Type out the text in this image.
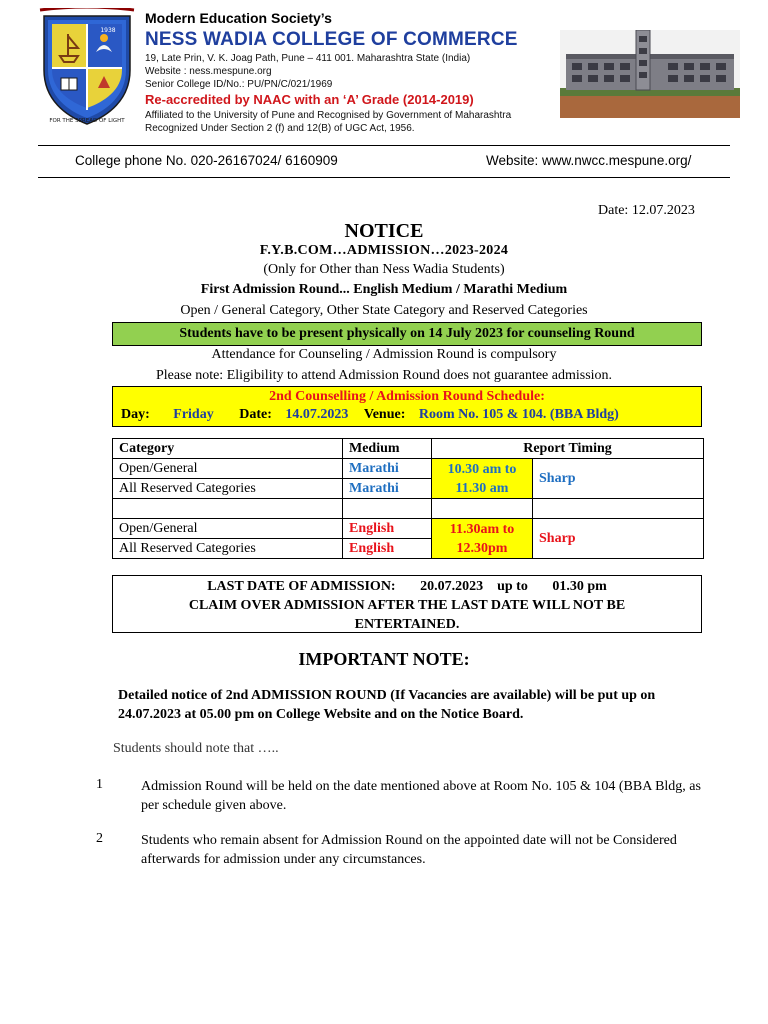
FOR THE SPREAD OF LIGHT
1938
Modern Education Society’s
NESS WADIA COLLEGE OF COMMERCE
19, Late Prin, V. K. Joag Path, Pune – 411 001. Maharashtra State (India)
Website : ness.mespune.org
Senior College ID/No.: PU/PN/C/021/1969
Re-accredited by NAAC with an ‘A’ Grade (2014-2019)
Affiliated to the University of Pune and Recognised by Government of Maharashtra
Recognized Under Section 2 (f) and 12(B) of UGC Act, 1956.
College phone No. 020-26167024/ 6160909	Website: www.nwcc.mespune.org/
Date: 12.07.2023
NOTICE
F.Y.B.COM…ADMISSION…2023-2024
(Only for Other than Ness Wadia Students)
First Admission Round... English Medium / Marathi Medium
Open / General Category, Other State Category and Reserved Categories
Students have to be present physically on 14 July 2023 for counseling Round
Attendance for Counseling / Admission Round is compulsory
Please note: Eligibility to attend Admission Round does not guarantee admission.
2nd Counselling / Admission Round Schedule:
Day: Friday Date: 14.07.2023 Venue: Room No. 105 & 104. (BBA Bldg)
Category	Medium	Report Timing	
Open/General	Marathi	10.30 am to 11.30 am	Sharp
All Reserved Categories	Marathi		

Open/General	English	11.30am to 12.30pm	Sharp
All Reserved Categories	English		
LAST DATE OF ADMISSION:       20.07.2023    up to       01.30 pm
CLAIM OVER ADMISSION AFTER THE LAST DATE WILL NOT BE ENTERTAINED.
IMPORTANT NOTE:
Detailed notice of 2nd ADMISSION ROUND (If Vacancies are available) will be put up on 24.07.2023 at 05.00 pm on College Website and on the Notice Board.
Students should note that …..
1	Admission Round will be held on the date mentioned above at Room No. 105 & 104 (BBA Bldg, as per schedule given above.
2	Students who remain absent for Admission Round on the appointed date will not be Considered afterwards for admission under any circumstances.
